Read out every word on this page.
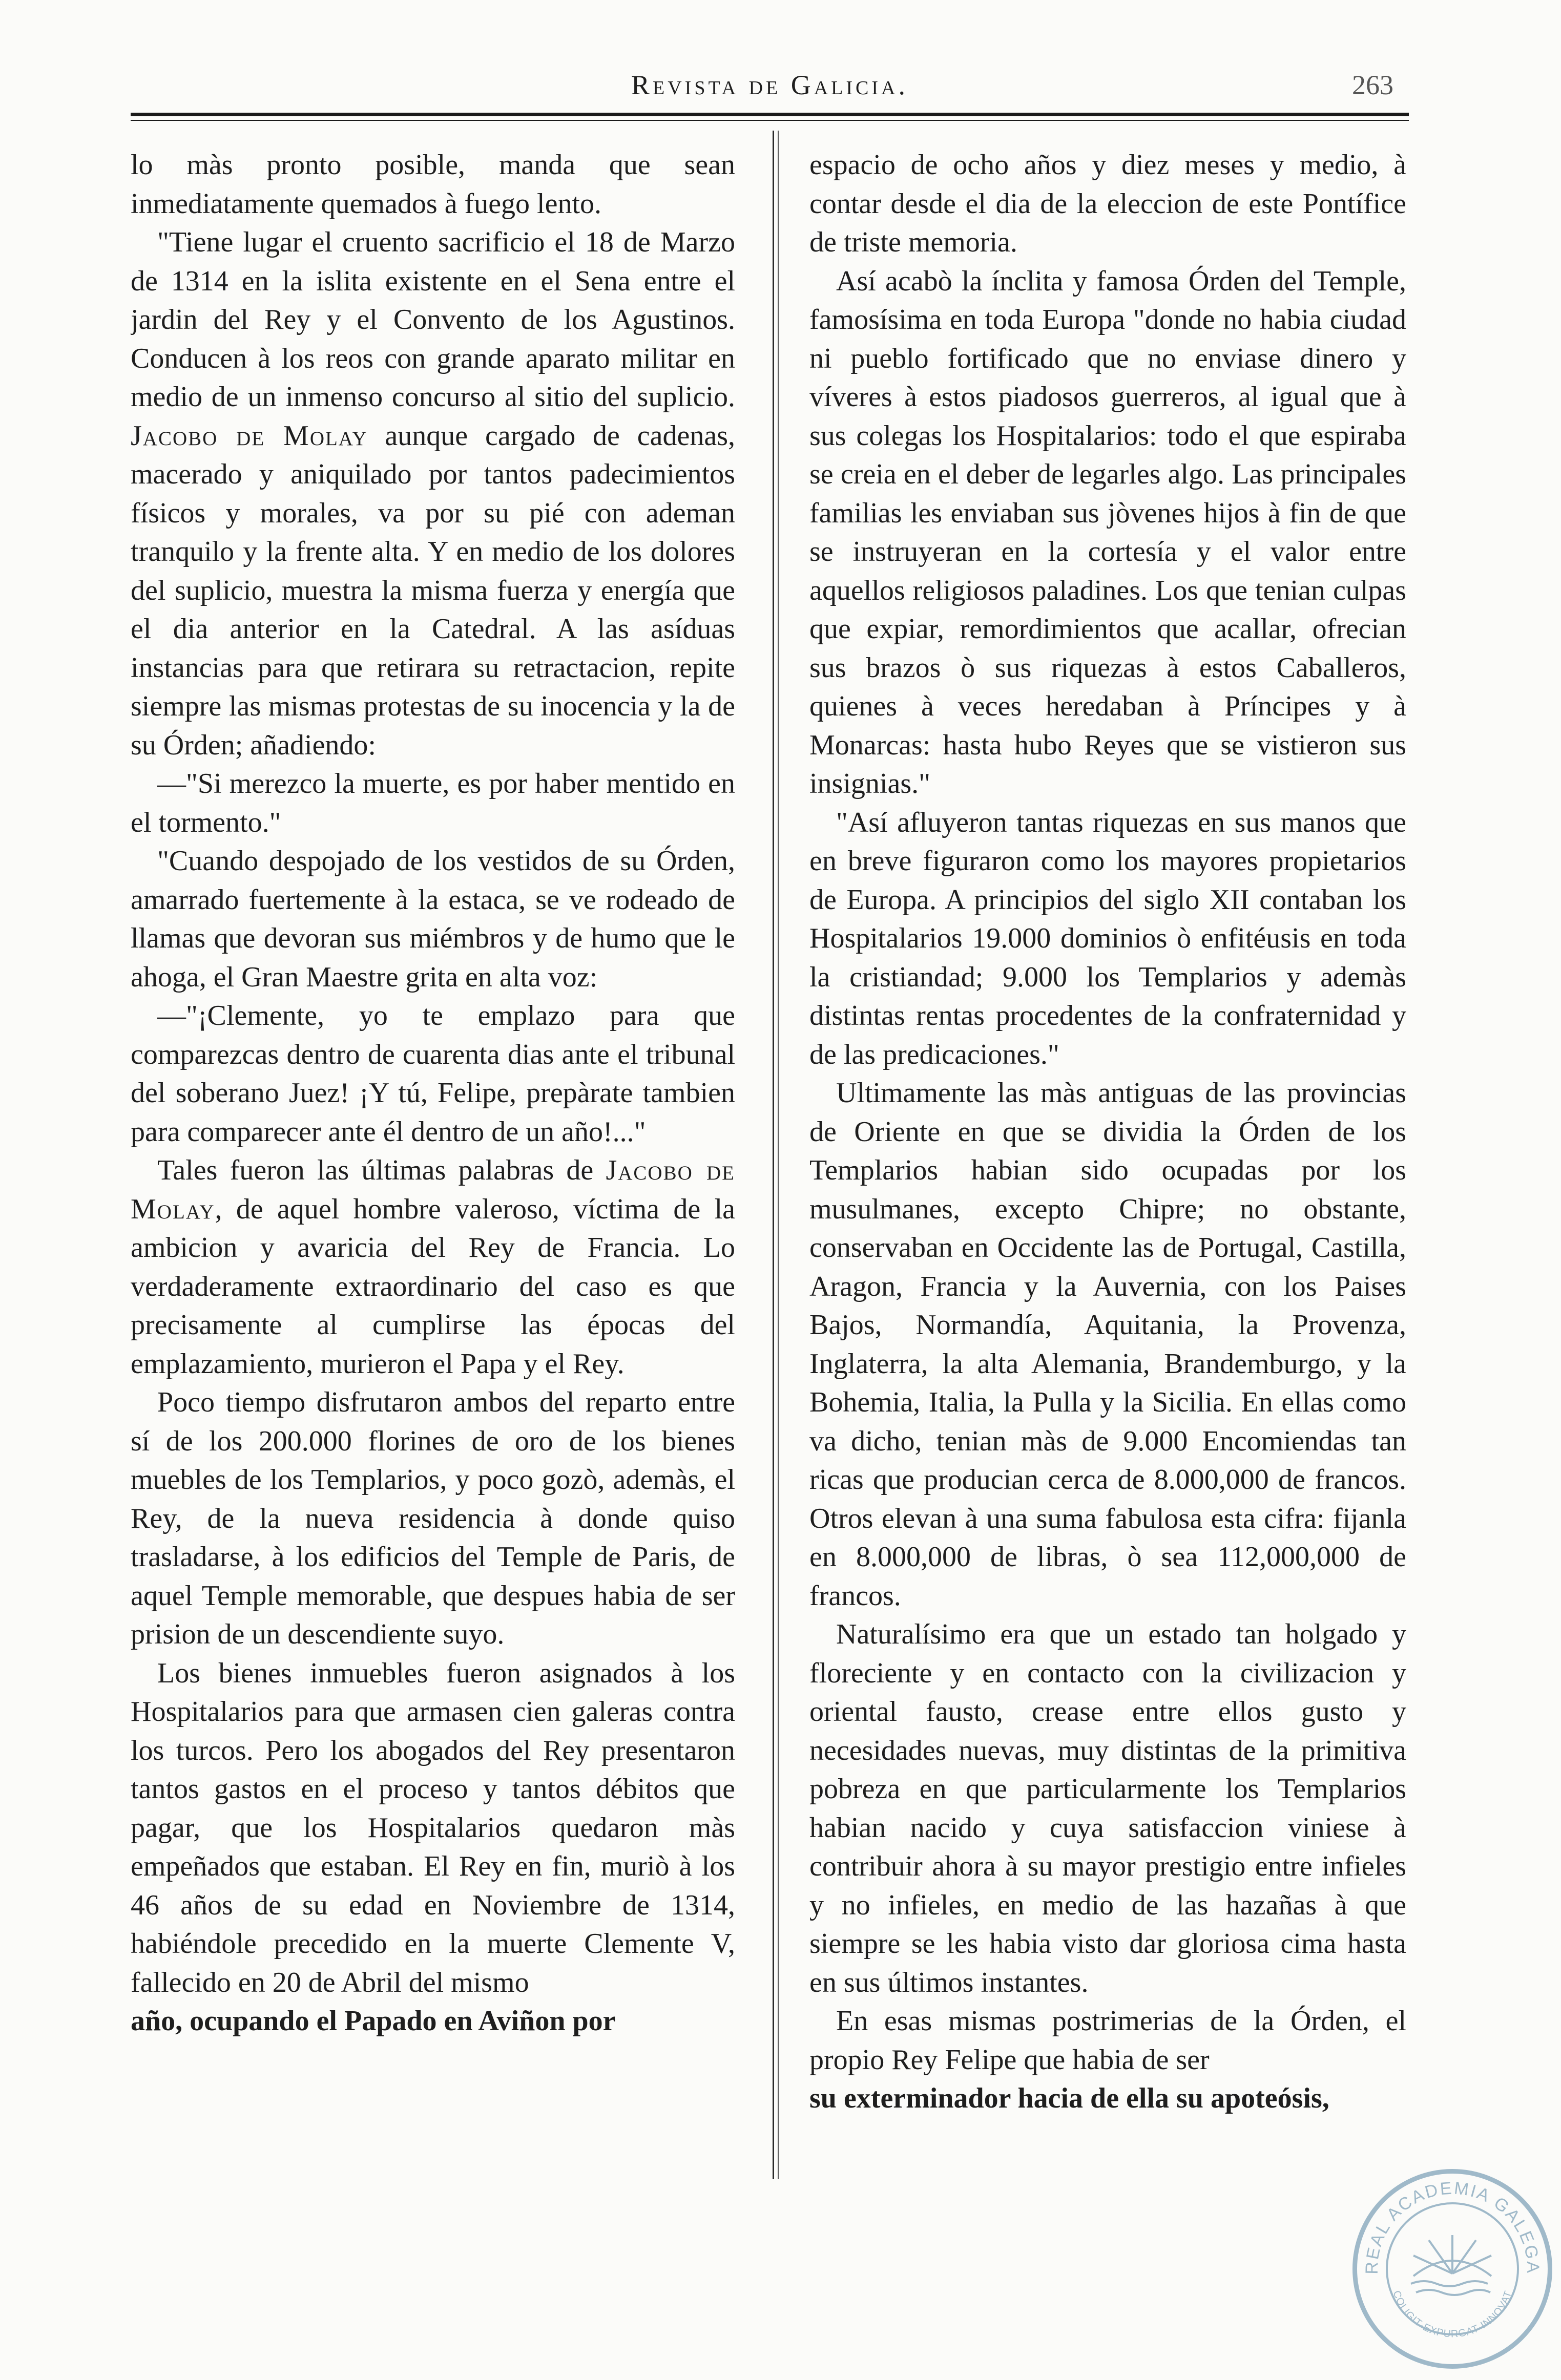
Revista de Galicia.	263

lo màs pronto posible, manda que sean inmediatamente quemados à fuego lento.

"Tiene lugar el cruento sacrificio el 18 de Marzo de 1314 en la islita existente en el Sena entre el jardin del Rey y el Convento de los Agustinos. Conducen à los reos con grande aparato militar en medio de un inmenso concurso al sitio del suplicio. Jacobo de Molay aunque cargado de cadenas, macerado y aniquilado por tantos padecimientos físicos y morales, va por su pié con ademan tranquilo y la frente alta. Y en medio de los dolores del suplicio, muestra la misma fuerza y energía que el dia anterior en la Catedral. A las asíduas instancias para que retirara su retractacion, repite siempre las mismas protestas de su inocencia y la de su Órden; añadiendo:

—"Si merezco la muerte, es por haber mentido en el tormento."

"Cuando despojado de los vestidos de su Órden, amarrado fuertemente à la estaca, se ve rodeado de llamas que devoran sus miémbros y de humo que le ahoga, el Gran Maestre grita en alta voz:

—"¡Clemente, yo te emplazo para que comparezcas dentro de cuarenta dias ante el tribunal del soberano Juez! ¡Y tú, Felipe, prepàrate tambien para comparecer ante él dentro de un año!..."

Tales fueron las últimas palabras de Jacobo de Molay, de aquel hombre valeroso, víctima de la ambicion y avaricia del Rey de Francia. Lo verdaderamente extraordinario del caso es que precisamente al cumplirse las épocas del emplazamiento, murieron el Papa y el Rey.

Poco tiempo disfrutaron ambos del reparto entre sí de los 200.000 florines de oro de los bienes muebles de los Templarios, y poco gozò, ademàs, el Rey, de la nueva residencia à donde quiso trasladarse, à los edificios del Temple de Paris, de aquel Temple memorable, que despues habia de ser prision de un descendiente suyo.

Los bienes inmuebles fueron asignados à los Hospitalarios para que armasen cien galeras contra los turcos. Pero los abogados del Rey presentaron tantos gastos en el proceso y tantos débitos que pagar, que los Hospitalarios quedaron màs empeñados que estaban. El Rey en fin, muriò à los 46 años de su edad en Noviembre de 1314, habiéndole precedido en la muerte Clemente V, fallecido en 20 de Abril del mismo

año, ocupando el Papado en Aviñon por

espacio de ocho años y diez meses y medio, à contar desde el dia de la eleccion de este Pontífice de triste memoria.

Así acabò la ínclita y famosa Órden del Temple, famosísima en toda Europa "donde no habia ciudad ni pueblo fortificado que no enviase dinero y víveres à estos piadosos guerreros, al igual que à sus colegas los Hospitalarios: todo el que espiraba se creia en el deber de legarles algo. Las principales familias les enviaban sus jòvenes hijos à fin de que se instruyeran en la cortesía y el valor entre aquellos religiosos paladines. Los que tenian culpas que expiar, remordimientos que acallar, ofrecian sus brazos ò sus riquezas à estos Caballeros, quienes à veces heredaban à Príncipes y à Monarcas: hasta hubo Reyes que se vistieron sus insignias."

"Así afluyeron tantas riquezas en sus manos que en breve figuraron como los mayores propietarios de Europa. A principios del siglo XII contaban los Hospitalarios 19.000 dominios ò enfitéusis en toda la cristiandad; 9.000 los Templarios y ademàs distintas rentas procedentes de la confraternidad y de las predicaciones."

Ultimamente las màs antiguas de las provincias de Oriente en que se dividia la Órden de los Templarios habian sido ocupadas por los musulmanes, excepto Chipre; no obstante, conservaban en Occidente las de Portugal, Castilla, Aragon, Francia y la Auvernia, con los Paises Bajos, Normandía, Aquitania, la Provenza, Inglaterra, la alta Alemania, Brandemburgo, y la Bohemia, Italia, la Pulla y la Sicilia. En ellas como va dicho, tenian màs de 9.000 Encomiendas tan ricas que producian cerca de 8.000,000 de francos. Otros elevan à una suma fabulosa esta cifra: fijanla en 8.000,000 de libras, ò sea 112,000,000 de francos.

Naturalísimo era que un estado tan holgado y floreciente y en contacto con la civilizacion y oriental fausto, crease entre ellos gusto y necesidades nuevas, muy distintas de la primitiva pobreza en que particularmente los Templarios habian nacido y cuya satisfaccion viniese à contribuir ahora à su mayor prestigio entre infieles y no infieles, en medio de las hazañas à que siempre se les habia visto dar gloriosa cima hasta en sus últimos instantes.

En esas mismas postrimerias de la Órden, el propio Rey Felipe que habia de ser

su exterminador hacia de ella su apoteósis,

REAL ACADEMIA GALEGA
COLIGIT·EXPURGAT·INNOVAT
